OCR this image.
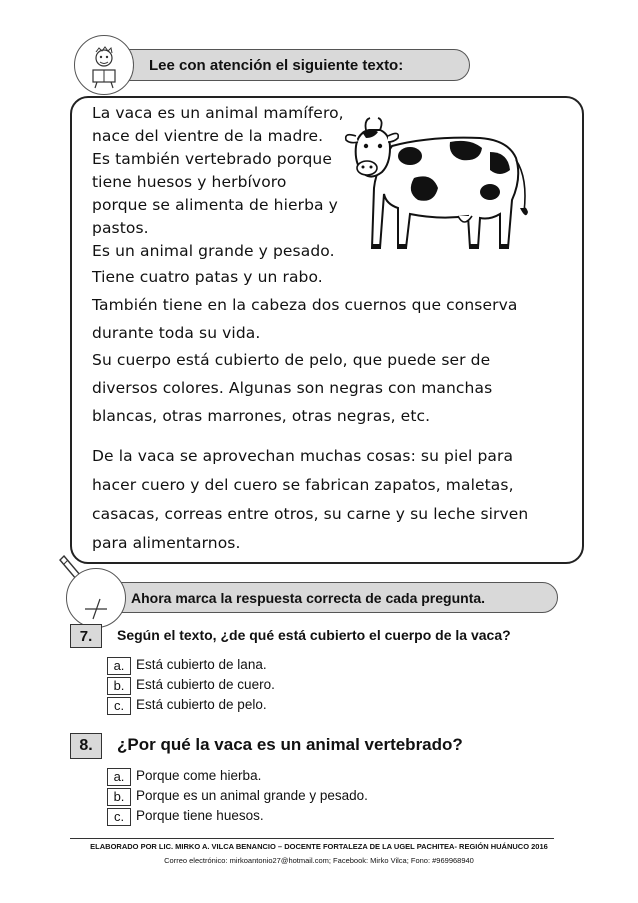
Lee con atención el siguiente texto:
La vaca es un animal mamífero,
nace del vientre de la madre.
Es también vertebrado porque
tiene huesos y herbívoro
porque se alimenta de hierba y
pastos.
Es un animal grande y pesado.
Tiene cuatro patas y un rabo.
También tiene en la cabeza dos cuernos que conserva
durante toda su vida.
Su cuerpo está cubierto de pelo, que puede ser de
diversos colores. Algunas son negras con manchas
blancas, otras marrones, otras negras, etc.
De la vaca se aprovechan muchas cosas: su piel para
hacer cuero y del cuero se fabrican zapatos, maletas,
casacas, correas entre otros, su carne y su leche sirven
para alimentarnos.
Ahora marca la respuesta correcta de cada pregunta.
7.	Según el texto, ¿de qué está cubierto el cuerpo de la vaca?
a. Está cubierto de lana.
b. Está cubierto de cuero.
c. Está cubierto de pelo.
8.	¿Por qué la vaca es un animal vertebrado?
a. Porque come hierba.
b. Porque es un animal grande y pesado.
c. Porque tiene huesos.
ELABORADO POR LIC. MIRKO A. VILCA BENANCIO – DOCENTE FORTALEZA DE LA UGEL PACHITEA- REGIÓN HUÁNUCO 2016
Correo electrónico: mirkoantonio27@hotmail.com; Facebook: Mirko Vilca; Fono: #969968940
